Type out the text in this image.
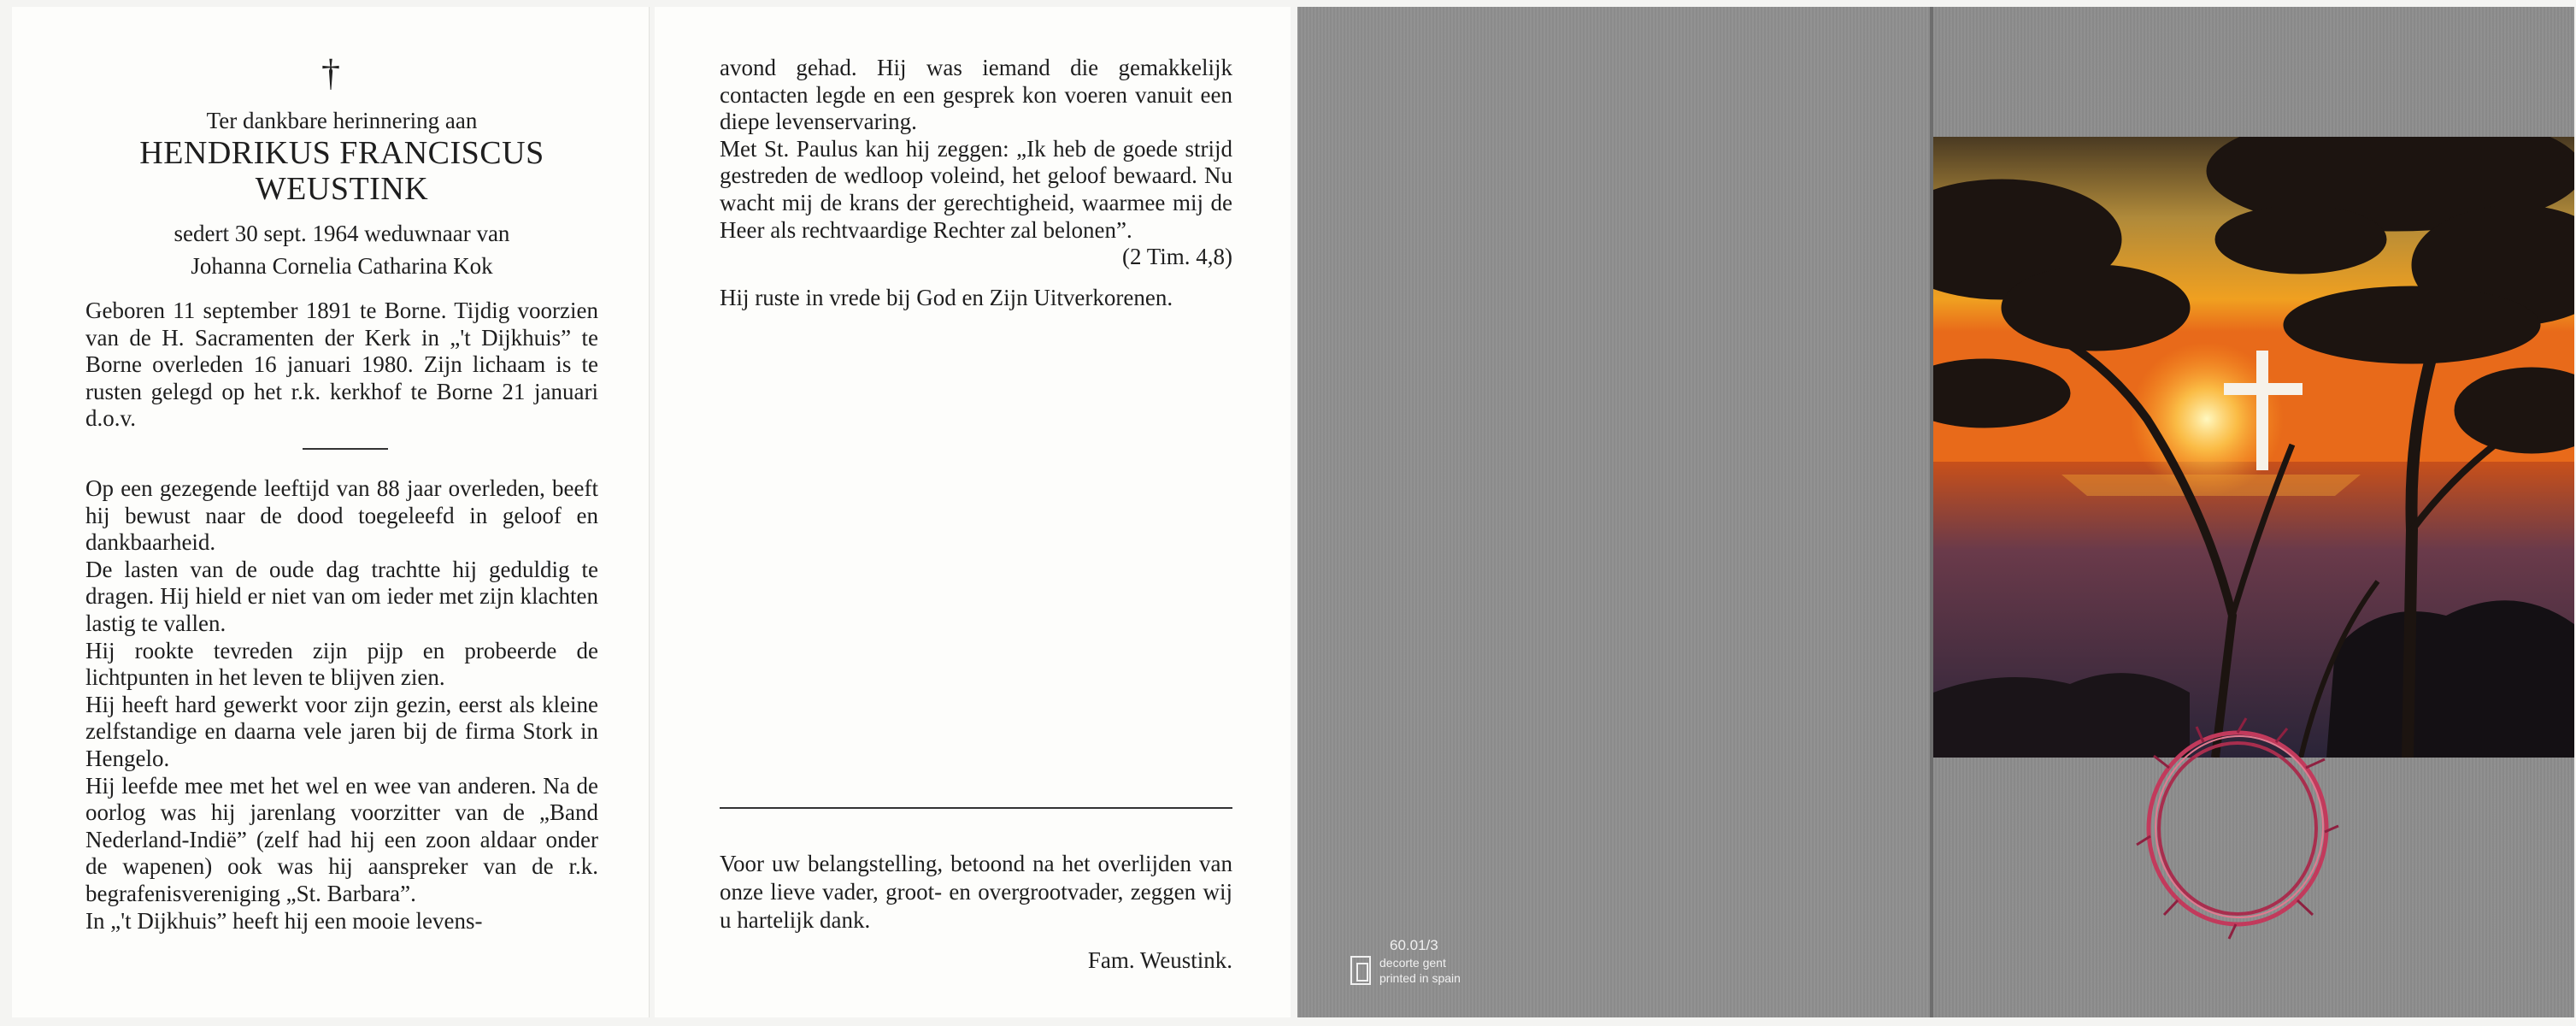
†
Ter dankbare herinnering aan
HENDRIKUS FRANCISCUS
WEUSTINK
sedert 30 sept. 1964 weduwnaar van
Johanna Cornelia Catharina Kok
Geboren 11 september 1891 te Borne. Tijdig voorzien van de H. Sacramenten der Kerk in „'t Dijkhuis” te Borne overleden 16 januari 1980. Zijn lichaam is te rusten gelegd op het r.k. kerkhof te Borne 21 januari d.o.v.

Op een gezegende leeftijd van 88 jaar overleden, beeft hij bewust naar de dood toegeleefd in geloof en dankbaarheid.

De lasten van de oude dag trachtte hij geduldig te dragen. Hij hield er niet van om ieder met zijn klachten lastig te vallen.

Hij rookte tevreden zijn pijp en probeerde de lichtpunten in het leven te blijven zien.

Hij heeft hard gewerkt voor zijn gezin, eerst als kleine zelfstandige en daarna vele jaren bij de firma Stork in Hengelo.

Hij leefde mee met het wel en wee van anderen. Na de oorlog was hij jarenlang voorzitter van de „Band Nederland-Indië” (zelf had hij een zoon aldaar onder de wapenen) ook was hij aanspreker van de r.k. begrafenisvereniging „St. Barbara”.

In „'t Dijkhuis” heeft hij een mooie levens-

avond gehad. Hij was iemand die gemakkelijk contacten legde en een gesprek kon voeren vanuit een diepe levenservaring.

Met St. Paulus kan hij zeggen: „Ik heb de goede strijd gestreden de wedloop voleind, het geloof bewaard. Nu wacht mij de krans der gerechtigheid, waarmee mij de Heer als rechtvaardige Rechter zal belonen”.

(2 Tim. 4,8)

Hij ruste in vrede bij God en Zijn Uitverkorenen.

Voor uw belangstelling, betoond na het overlijden van onze lieve vader, groot- en overgrootvader, zeggen wij u hartelijk dank.

Fam. Weustink.

60.01/3
decorte gent
printed in spain
